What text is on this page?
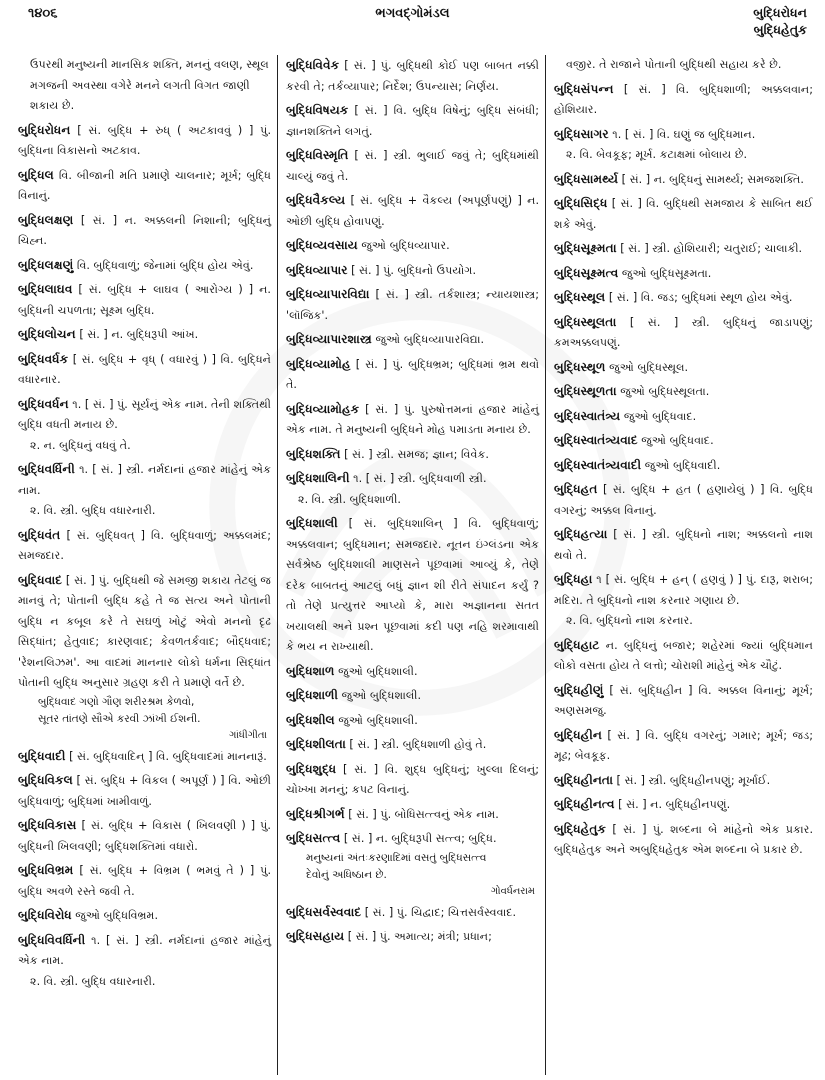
૧૪૦૬	ભગવદ્ગોમંડલ	બુદ્ધિરોધન
બુદ્ધિહેતુક
ઉપરથી મનુષ્યની માનસિક શક્તિ, મનનું વલણ, સ્થૂલ મગજની અવસ્થા વગેરે મનને લગતી વિગત જાણી શકાય છે.
બુદ્ધિરોધન [ સં. બુદ્ધિ + રુધ્ ( અટકાવવું ) ] પું. બુદ્ધિના વિકાસનો અટકાવ.
બુદ્ધિલ વિ. બીજાની મતિ પ્રમાણે ચાલનાર; મૂર્ખ; બુદ્ધિ વિનાનું.
બુદ્ધિલક્ષણ [ સં. ] ન. અક્કલની નિશાની; બુદ્ધિનું ચિહ્ન.
બુદ્ધિલક્ષણું વિ. બુદ્ધિવાળું; જેનામાં બુદ્ધિ હોય એવું.
બુદ્ધિલાઘવ [ સં. બુદ્ધિ + લાઘવ ( આરોગ્ય ) ] ન. બુદ્ધિની ચપળતા; સૂક્ષ્મ બુદ્ધિ.
બુદ્ધિલોચન [ સં. ] ન. બુદ્ધિરૂપી આંખ.
બુદ્ધિવર્ધક [ સં. બુદ્ધિ + વૃધ્ ( વધારવું ) ] વિ. બુદ્ધિને વધારનાર.
બુદ્ધિવર્ધન ૧. [ સં. ] પું. સૂર્યનું એક નામ. તેની શક્તિથી બુદ્ધિ વધતી મનાય છે.
૨. ન. બુદ્ધિનું વધવું તે.
બુદ્ધિવર્ધિની ૧. [ સં. ] સ્ત્રી. નર્મદાનાં હજાર માંહેનું એક નામ.
૨. વિ. સ્ત્રી. બુદ્ધિ વધારનારી.
બુદ્ધિવંત [ સં. બુદ્ધિવત્ ] વિ. બુદ્ધિવાળું; અક્કલમંદ; સમજદાર.
બુદ્ધિવાદ [ સં. ] પું. બુદ્ધિથી જે સમજી શકાય તેટલું જ માનવું તે; પોતાની બુદ્ધિ કહે તે જ સત્ય અને પોતાની બુદ્ધિ ન કબૂલ કરે તે સઘળું ખોટું એવો મનનો દૃઢ સિદ્ધાંત; હેતુવાદ; કારણવાદ; કેવળતર્કવાદ; બૌદ્ધવાદ; 'રેશનલિઝમ'. આ વાદમાં માનનાર લોકો ધર્મના સિદ્ધાંત પોતાની બુદ્ધિ અનુસાર ગ્રહણ કરી તે પ્રમાણે વર્તે છે.
બુદ્ધિવાદ ગણો ગૌણ શરીરશ્રમ કેળવો,
સૂતર તાંતણે સૌએ કરવી ઝાંખી ઈશની.
ગાંધીગીતા
બુદ્ધિવાદી [ સં. બુદ્ધિવાદિન્ ] વિ. બુદ્ધિવાદમાં માનનારૂં.
બુદ્ધિવિકલ [ સં. બુદ્ધિ + વિકલ ( અપૂર્ણ ) ] વિ. ઓછી બુદ્ધિવાળું; બુદ્ધિમાં ખામીવાળું.
બુદ્ધિવિકાસ [ સં. બુદ્ધિ + વિકાસ ( ખિલવણી ) ] પું. બુદ્ધિની ખિલવણી; બુદ્ધિશક્તિમાં વધારો.
બુદ્ધિવિભ્રમ [ સં. બુદ્ધિ + વિભ્રમ ( ભમવું તે ) ] પું. બુદ્ધિ અવળે રસ્તે જવી તે.
બુદ્ધિવિરોધ જુઓ બુદ્ધિવિભ્રમ.
બુદ્ધિવિવર્ધિની ૧. [ સં. ] સ્ત્રી. નર્મદાનાં હજાર માંહેનું એક નામ.
૨. વિ. સ્ત્રી. બુદ્ધિ વધારનારી.
બુદ્ધિવિવેક [ સં. ] પું. બુદ્ધિથી કોઈ પણ બાબત નક્કી કરવી તે; તર્કવ્યાપાર; નિર્દેશ; ઉપન્યાસ; નિર્ણય.
બુદ્ધિવિષયક [ સં. ] વિ. બુદ્ધિ વિષેનું; બુદ્ધિ સંબંધી; જ્ઞાનશક્તિને લગતું.
બુદ્ધિવિસ્મૃતિ [ સં. ] સ્ત્રી. ભુલાઈ જવું તે; બુદ્ધિમાંથી ચાલ્યું જવું તે.
બુદ્ધિવૈકલ્ય [ સં. બુદ્ધિ + વૈકલ્ય (અપૂર્ણપણું) ] ન. ઓછી બુદ્ધિ હોવાપણું.
બુદ્ધિવ્યવસાય જુઓ બુદ્ધિવ્યાપાર.
બુદ્ધિવ્યાપાર [ સં. ] પું. બુદ્ધિનો ઉપયોગ.
બુદ્ધિવ્યાપારવિદ્યા [ સં. ] સ્ત્રી. તર્કશાસ્ત્ર; ન્યાયશાસ્ત્ર; 'લૉજિક'.
બુદ્ધિવ્યાપારશાસ્ત્ર જુઓ બુદ્ધિવ્યાપારવિદ્યા.
બુદ્ધિવ્યામોહ [ સં. ] પું. બુદ્ધિભ્રમ; બુદ્ધિમાં ભ્રમ થવો તે.
બુદ્ધિવ્યામોહક [ સં. ] પું. પુરુષોત્તમનાં હજાર માંહેનું એક નામ. તે મનુષ્યની બુદ્ધિને મોહ પમાડતા મનાય છે.
બુદ્ધિશક્તિ [ સં. ] સ્ત્રી. સમજ; જ્ઞાન; વિવેક.
બુદ્ધિશાલિની ૧. [ સં. ] સ્ત્રી. બુદ્ધિવાળી સ્ત્રી.
૨. વિ. સ્ત્રી. બુદ્ધિશાળી.
બુદ્ધિશાલી [ સં. બુદ્ધિશાલિન્ ] વિ. બુદ્ધિવાળું; અક્કલવાન; બુદ્ધિમાન; સમજદાર. નૂતન ઇંગ્લંડના એક સર્વશ્રેષ્ઠ બુદ્ધિશાલી માણસને પૂછવામાં આવ્યું કે, તેણે દરેક બાબતનું આટલું બધું જ્ઞાન શી રીતે સંપાદન કર્યું ? તો તેણે પ્રત્યુત્તર આપ્યો કે, મારા અજ્ઞાનના સતત ખયાલથી અને પ્રશ્ન પૂછવામાં કદી પણ નહિ શરમાવાથી કે ભય ન રાખ્યાથી.
બુદ્ધિશાળ જુઓ બુદ્ધિશાલી.
બુદ્ધિશાળી જુઓ બુદ્ધિશાલી.
બુદ્ધિશીલ જુઓ બુદ્ધિશાલી.
બુદ્ધિશીલતા [ સં. ] સ્ત્રી. બુદ્ધિશાળી હોવું તે.
બુદ્ધિશુદ્ધ [ સં. ] વિ. શુદ્ધ બુદ્ધિનું; ખુલ્લા દિલનું; ચોખ્ખા મનનું; કપટ વિનાનું.
બુદ્ધિશ્રીગર્ભ [ સં. ] પું. બોધિસત્ત્વનું એક નામ.
બુદ્ધિસત્ત્વ [ સં. ] ન. બુદ્ધિરૂપી સત્ત્વ; બુદ્ધિ.
મનુષ્યનાં અંતઃકરણાદિમાં વસતું બુદ્ધિસત્ત્વ
દેવોનું અધિષ્ઠાન છે.
ગોવર્ધનરામ
બુદ્ધિસર્વસ્વવાદ [ સં. ] પું. ચિદ્વાદ; ચિત્તસર્વસ્વવાદ.
બુદ્ધિસહાય [ સં. ] પું. અમાત્ય; મંત્રી; પ્રધાન;
વજીર. તે રાજાને પોતાની બુદ્ધિથી સહાય કરે છે.
બુદ્ધિસંપન્ન [ સં. ] વિ. બુદ્ધિશાળી; અક્કલવાન; હોશિયાર.
બુદ્ધિસાગર ૧. [ સં. ] વિ. ઘણું જ બુદ્ધિમાન.
૨. વિ. બેવકૂફ; મૂર્ખ. કટાક્ષમાં બોલાય છે.
બુદ્ધિસામર્થ્ય [ સં. ] ન. બુદ્ધિનું સામર્થ્ય; સમજશક્તિ.
બુદ્ધિસિદ્ધ [ સં. ] વિ. બુદ્ધિથી સમજાય કે સાબિત થઈ શકે એવું.
બુદ્ધિસૂક્ષ્મતા [ સં. ] સ્ત્રી. હોશિયારી; ચતુરાઈ; ચાલાકી.
બુદ્ધિસૂક્ષ્મત્વ જુઓ બુદ્ધિસૂક્ષ્મતા.
બુદ્ધિસ્થૂલ [ સં. ] વિ. જડ; બુદ્ધિમાં સ્થૂળ હોય એવું.
બુદ્ધિસ્થૂલતા [ સં. ] સ્ત્રી. બુદ્ધિનું જાડાપણું; કમઅક્કલપણું.
બુદ્ધિસ્થૂળ જુઓ બુદ્ધિસ્થૂલ.
બુદ્ધિસ્થૂળતા જુઓ બુદ્ધિસ્થૂલતા.
બુદ્ધિસ્વાતંત્ર્ય જુઓ બુદ્ધિવાદ.
બુદ્ધિસ્વાતંત્ર્યવાદ જુઓ બુદ્ધિવાદ.
બુદ્ધિસ્વાતંત્ર્યવાદી જુઓ બુદ્ધિવાદી.
બુદ્ધિહત [ સં. બુદ્ધિ + હત ( હણાયેલું ) ] વિ. બુદ્ધિ વગરનું; અક્કલ વિનાનું.
બુદ્ધિહત્યા [ સં. ] સ્ત્રી. બુદ્ધિનો નાશ; અક્કલનો નાશ થવો તે.
બુદ્ધિહા ૧ [ સં. બુદ્ધિ + હન્ ( હણવું ) ] પું. દારૂ, શરાબ; મદિરા. તે બુદ્ધિનો નાશ કરનાર ગણાય છે.
૨. વિ. બુદ્ધિનો નાશ કરનાર.
બુદ્ધિહાટ ન. બુદ્ધિનું બજાર; શહેરમાં જ્યાં બુદ્ધિમાન લોકો વસતા હોય તે લત્તો; ચોરાશી માંહેનું એક ચૌટું.
બુદ્ધિહીણું [ સં. બુદ્ધિહીન ] વિ. અક્કલ વિનાનું; મૂર્ખ; અણસમજુ.
બુદ્ધિહીન [ સં. ] વિ. બુદ્ધિ વગરનું; ગમાર; મૂર્ખ; જડ; મૂઢ; બેવકૂફ.
બુદ્ધિહીનતા [ સં. ] સ્ત્રી. બુદ્ધિહીનપણું; મૂર્ખાઈ.
બુદ્ધિહીનત્વ [ સં. ] ન. બુદ્ધિહીનપણું.
બુદ્ધિહેતુક [ સં. ] પું. શબ્દના બે માંહેનો એક પ્રકાર. બુદ્ધિહેતુક અને અબુદ્ધિહેતુક એમ શબ્દના બે પ્રકાર છે.
